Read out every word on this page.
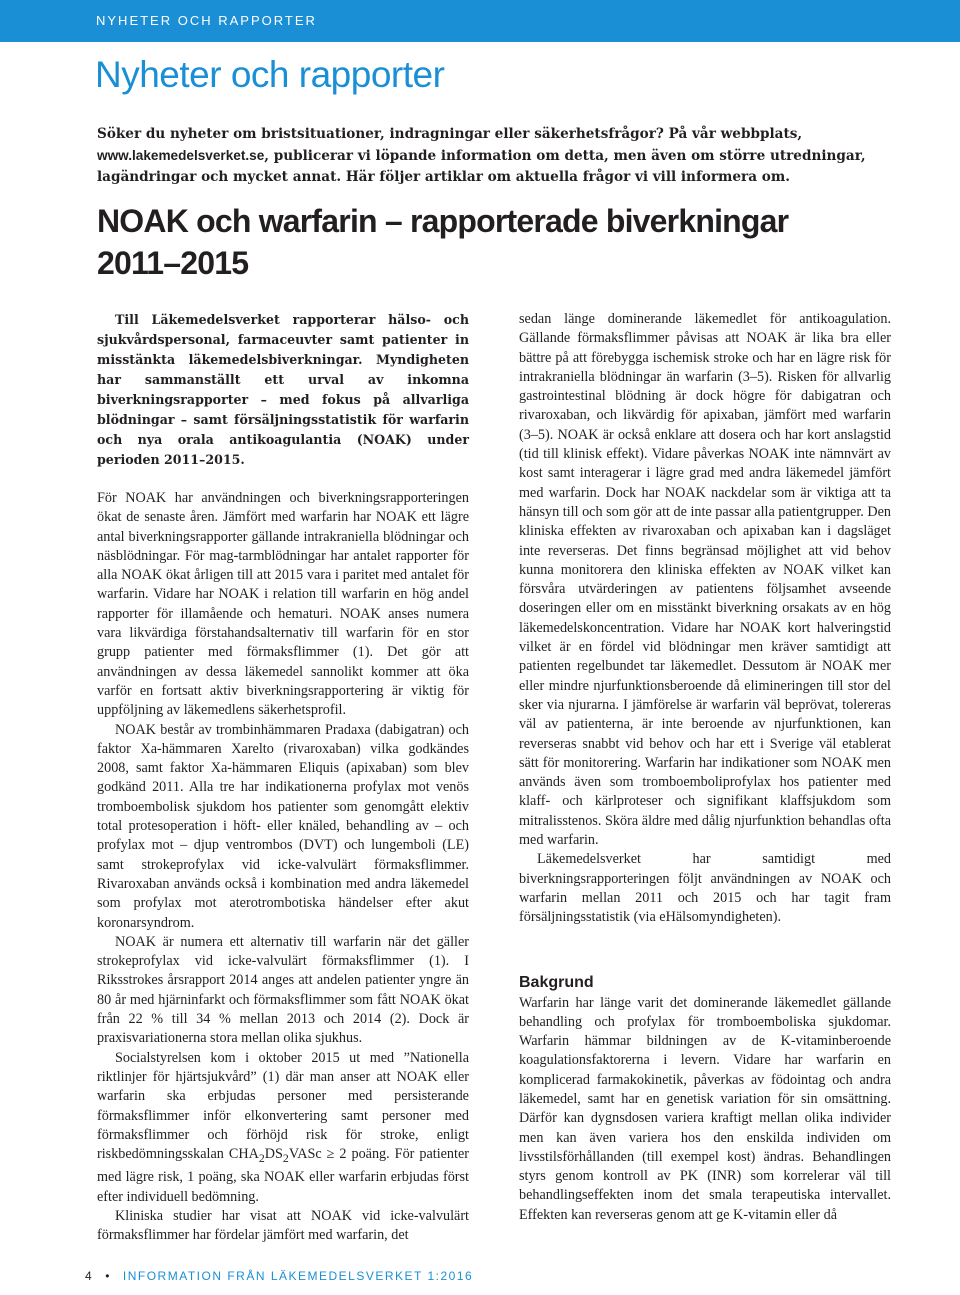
NYHETER OCH RAPPORTER
Nyheter och rapporter
Söker du nyheter om bristsituationer, indragningar eller säkerhetsfrågor? På vår webbplats, www.lakemedelsverket.se, publicerar vi löpande information om detta, men även om större utredningar, lagändringar och mycket annat. Här följer artiklar om aktuella frågor vi vill informera om.
NOAK och warfarin – rapporterade biverkningar 2011–2015

Till Läkemedelsverket rapporterar hälso- och sjukvårdspersonal, farmaceuvter samt patienter in misstänkta läkemedelsbiverkningar. Myndigheten har sammanställt ett urval av inkomna biverkningsrapporter – med fokus på allvarliga blödningar – samt försäljningsstatistik för warfarin och nya orala antikoagulantia (NOAK) under perioden 2011–2015.

För NOAK har användningen och biverkningsrapporteringen ökat de senaste åren. Jämfört med warfarin har NOAK ett lägre antal biverkningsrapporter gällande intrakraniella blödningar och näsblödningar. För mag-tarmblödningar har antalet rapporter för alla NOAK ökat årligen till att 2015 vara i paritet med antalet för warfarin. Vidare har NOAK i relation till warfarin en hög andel rapporter för illamående och hematuri. NOAK anses numera vara likvärdiga förstahandsalternativ till warfarin för en stor grupp patienter med förmaksflimmer (1). Det gör att användningen av dessa läkemedel sannolikt kommer att öka varför en fortsatt aktiv biverkningsrapportering är viktig för uppföljning av läkemedlens säkerhetsprofil.

NOAK består av trombinhämmaren Pradaxa (dabigatran) och faktor Xa-hämmaren Xarelto (rivaroxaban) vilka godkändes 2008, samt faktor Xa-hämmaren Eliquis (apixaban) som blev godkänd 2011. Alla tre har indikationerna profylax mot venös tromboembolisk sjukdom hos patienter som genomgått elektiv total protesoperation i höft- eller knäled, behandling av – och profylax mot – djup ventrombos (DVT) och lungemboli (LE) samt strokeprofylax vid icke-valvulärt förmaksflimmer. Rivaroxaban används också i kombination med andra läkemedel som profylax mot aterotrombotiska händelser efter akut koronarsyndrom.

NOAK är numera ett alternativ till warfarin när det gäller strokeprofylax vid icke-valvulärt förmaksflimmer (1). I Riksstrokes årsrapport 2014 anges att andelen patienter yngre än 80 år med hjärninfarkt och förmaksflimmer som fått NOAK ökat från 22 % till 34 % mellan 2013 och 2014 (2). Dock är praxisvariationerna stora mellan olika sjukhus.

Socialstyrelsen kom i oktober 2015 ut med ”Nationella riktlinjer för hjärtsjukvård” (1) där man anser att NOAK eller warfarin ska erbjudas personer med persisterande förmaksflimmer inför elkonvertering samt personer med förmaksflimmer och förhöjd risk för stroke, enligt riskbedömningsskalan $CHA_2DS_2VASc \ge 2$ poäng. För patienter med lägre risk, 1 poäng, ska NOAK eller warfarin erbjudas först efter individuell bedömning.

Kliniska studier har visat att NOAK vid icke-valvulärt förmaksflimmer har fördelar jämfört med warfarin, det

sedan länge dominerande läkemedlet för antikoagulation. Gällande förmaksflimmer påvisas att NOAK är lika bra eller bättre på att förebygga ischemisk stroke och har en lägre risk för intrakraniella blödningar än warfarin (3–5). Risken för allvarlig gastrointestinal blödning är dock högre för dabigatran och rivaroxaban, och likvärdig för apixaban, jämfört med warfarin (3–5). NOAK är också enklare att dosera och har kort anslagstid (tid till klinisk effekt). Vidare påverkas NOAK inte nämnvärt av kost samt interagerar i lägre grad med andra läkemedel jämfört med warfarin. Dock har NOAK nackdelar som är viktiga att ta hänsyn till och som gör att de inte passar alla patientgrupper. Den kliniska effekten av rivaroxaban och apixaban kan i dagsläget inte reverseras. Det finns begränsad möjlighet att vid behov kunna monitorera den kliniska effekten av NOAK vilket kan försvåra utvärderingen av patientens följsamhet avseende doseringen eller om en misstänkt biverkning orsakats av en hög läkemedelskoncentration. Vidare har NOAK kort halveringstid vilket är en fördel vid blödningar men kräver samtidigt att patienten regelbundet tar läkemedlet. Dessutom är NOAK mer eller mindre njurfunktionsberoende då elimineringen till stor del sker via njurarna. I jämförelse är warfarin väl beprövat, tolereras väl av patienterna, är inte beroende av njurfunktionen, kan reverseras snabbt vid behov och har ett i Sverige väl etablerat sätt för monitorering. Warfarin har indikationer som NOAK men används även som tromboemboliprofylax hos patienter med klaff- och kärlproteser och signifikant klaffsjukdom som mitralisstenos. Sköra äldre med dålig njurfunktion behandlas ofta med warfarin.

Läkemedelsverket har samtidigt med biverkningsrapporteringen följt användningen av NOAK och warfarin mellan 2011 och 2015 och har tagit fram försäljningsstatistik (via eHälsomyndigheten).

Bakgrund

Warfarin har länge varit det dominerande läkemedlet gällande behandling och profylax för tromboemboliska sjukdomar. Warfarin hämmar bildningen av de K-vitaminberoende koagulationsfaktorerna i levern. Vidare har warfarin en komplicerad farmakokinetik, påverkas av födointag och andra läkemedel, samt har en genetisk variation för sin omsättning. Därför kan dygnsdosen variera kraftigt mellan olika individer men kan även variera hos den enskilda individen om livsstilsförhållanden (till exempel kost) ändras. Behandlingen styrs genom kontroll av PK (INR) som korrelerar väl till behandlingseffekten inom det smala terapeutiska intervallet. Effekten kan reverseras genom att ge K-vitamin eller då

4 • INFORMATION FRÅN LÄKEMEDELSVERKET 1:2016
